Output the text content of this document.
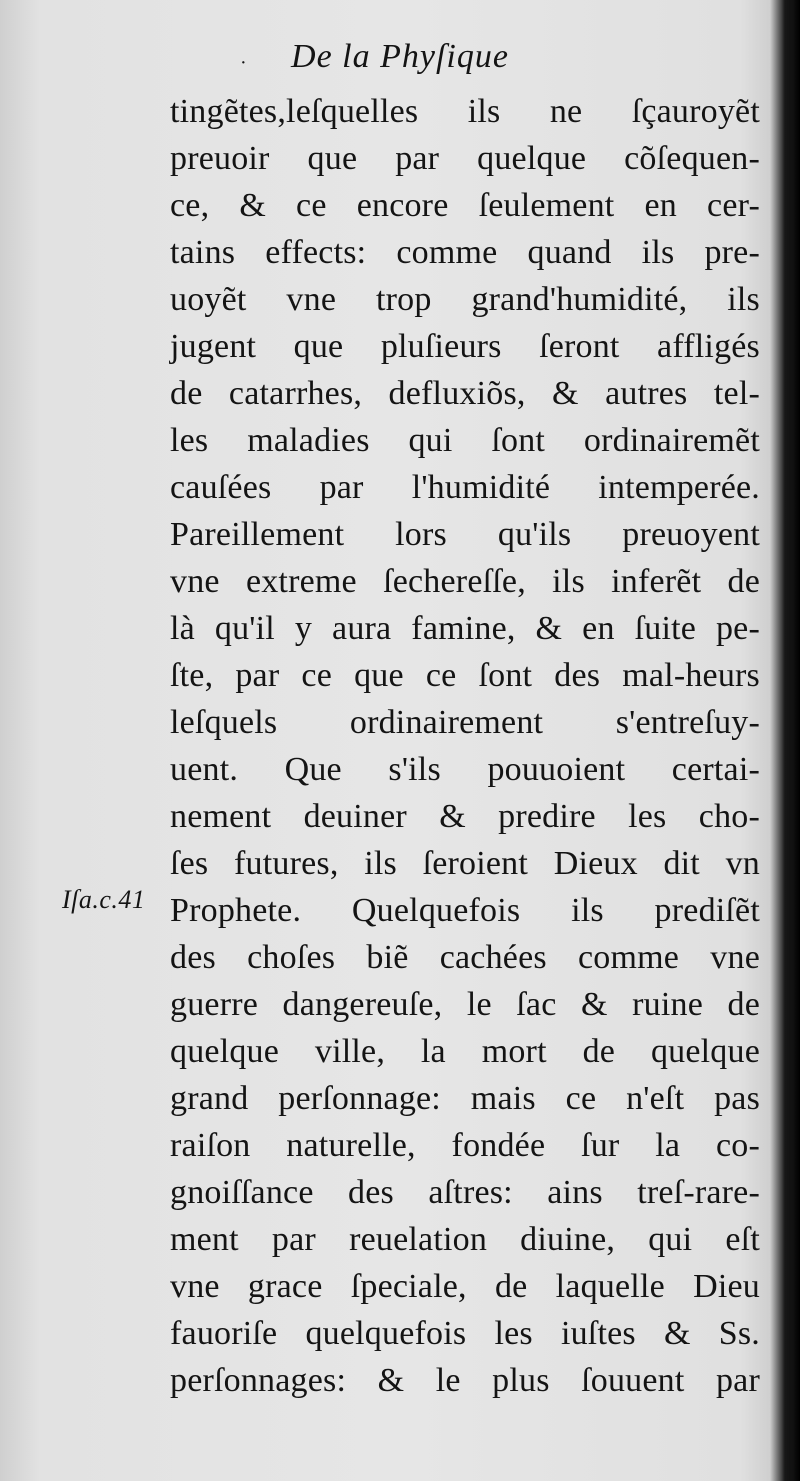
·	De la Phyſique
Iſa.c.41
tingẽtes,leſquelles ils ne ſçauroyẽt
preuoir que par quelque cõſequen-
ce, & ce encore ſeulement en cer-
tains effects: comme quand ils pre-
uoyẽt vne trop grand'humidité, ils
jugent que pluſieurs ſeront affligés
de catarrhes, defluxiõs, & autres tel-
les maladies qui ſont ordinairemẽt
cauſées par l'humidité intemperée.
Pareillement lors qu'ils preuoyent
vne extreme ſechereſſe, ils inferẽt de
là qu'il y aura famine, & en ſuite pe-
ſte, par ce que ce ſont des mal-heurs
leſquels ordinairement s'entreſuy-
uent. Que s'ils pouuoient certai-
nement deuiner & predire les cho-
ſes futures, ils ſeroient Dieux dit vn
Prophete. Quelquefois ils prediſẽt
des choſes biẽ cachées comme vne
guerre dangereuſe, le ſac & ruine de
quelque ville, la mort de quelque
grand perſonnage: mais ce n'eſt pas
raiſon naturelle, fondée ſur la co-
gnoiſſance des aſtres: ains treſ-rare-
ment par reuelation diuine, qui eſt
vne grace ſpeciale, de laquelle Dieu
fauoriſe quelquefois les iuſtes & Ss.
perſonnages: & le plus ſouuent par
